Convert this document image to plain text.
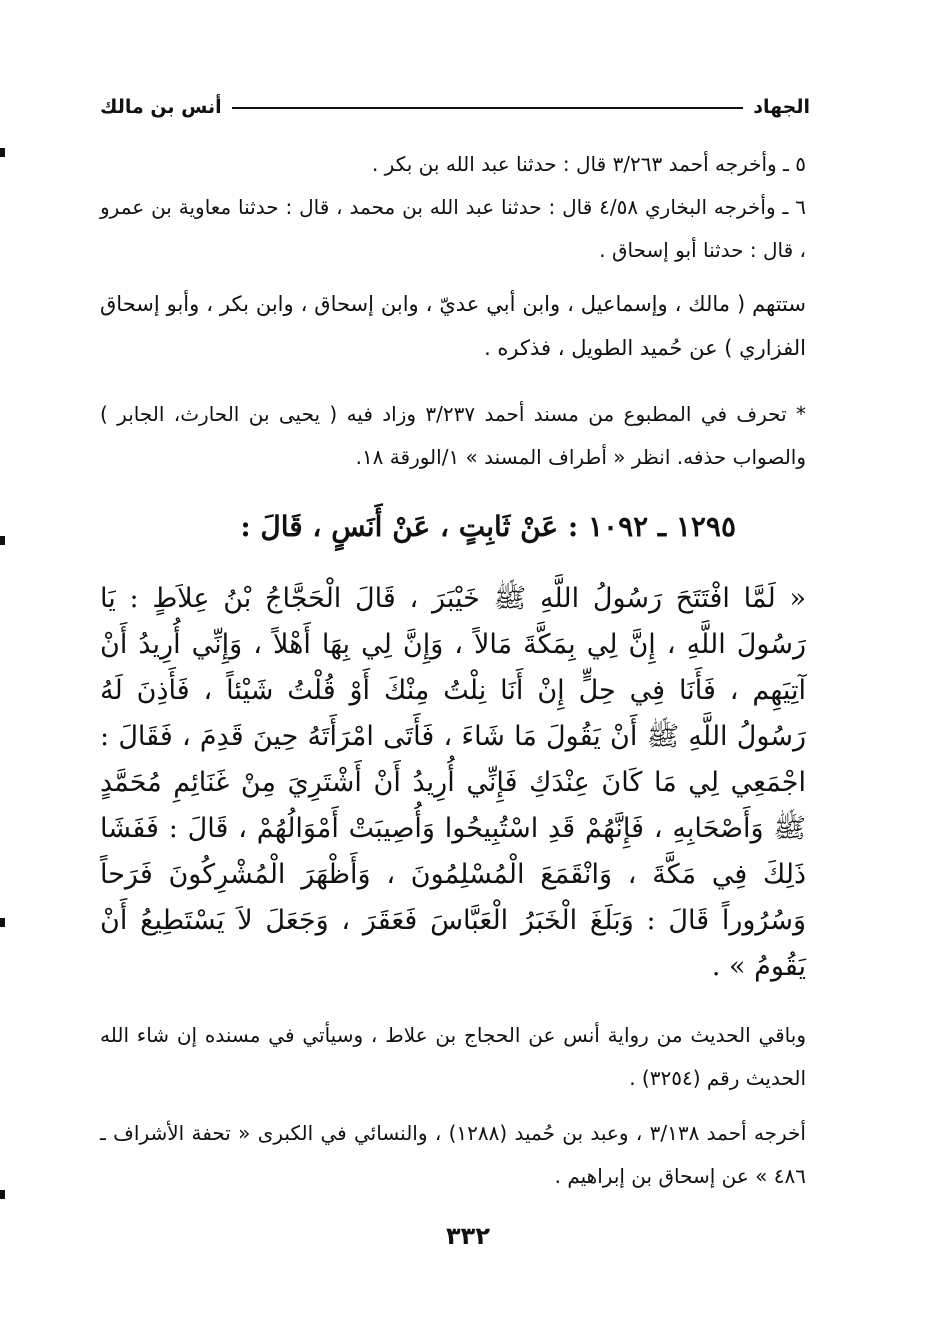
الجهاد
أنس بن مالك
٥ ـ وأخرجه أحمد ٣/٢٦٣ قال : حدثنا عبد الله بن بكر .
٦ ـ وأخرجه البخاري ٤/٥٨ قال : حدثنا عبد الله بن محمد ، قال : حدثنا معاوية بن عمرو ، قال : حدثنا أبو إسحاق .
ستتهم ( مالك ، وإسماعيل ، وابن أبي عديّ ، وابن إسحاق ، وابن بكر ، وأبو إسحاق الفزاري ) عن حُميد الطويل ، فذكره .
* تحرف في المطبوع من مسند أحمد ٣/٢٣٧ وزاد فيه ( يحيى بن الحارث، الجابر ) والصواب حذفه. انظر « أطراف المسند » ١/الورقة ١٨.
١٢٩٥ ـ ١٠٩٢ : عَنْ ثَابِتٍ ، عَنْ أَنَسٍ ، قَالَ :
« لَمَّا افْتَتَحَ رَسُولُ اللَّهِ ﷺ خَيْبَرَ ، قَالَ الْحَجَّاجُ بْنُ عِلاَطٍ : يَا رَسُولَ اللَّهِ ، إِنَّ لِي بِمَكَّةَ مَالاً ، وَإِنَّ لِي بِهَا أَهْلاً ، وَإِنِّي أُرِيدُ أَنْ آتِيَهِم ، فَأَنَا فِي حِلٍّ إِنْ أَنَا نِلْتُ مِنْكَ أَوْ قُلْتُ شَيْئاً ، فَأَذِنَ لَهُ رَسُولُ اللَّهِ ﷺ أَنْ يَقُولَ مَا شَاءَ ، فَأَتَى امْرَأَتَهُ حِينَ قَدِمَ ، فَقَالَ : اجْمَعِي لِي مَا كَانَ عِنْدَكِ فَإِنِّي أُرِيدُ أَنْ أَشْتَرِيَ مِنْ غَنَائِمِ مُحَمَّدٍ ﷺ وَأَصْحَابِهِ ، فَإِنَّهُمْ قَدِ اسْتُبِيحُوا وَأُصِيبَتْ أَمْوَالُهُمْ ، قَالَ : فَفَشَا ذَلِكَ فِي مَكَّةَ ، وَانْقَمَعَ الْمُسْلِمُونَ ، وَأَظْهَرَ الْمُشْرِكُونَ فَرَحاً وَسُرُوراً قَالَ : وَبَلَغَ الْخَبَرُ الْعَبَّاسَ فَعَقَرَ ، وَجَعَلَ لاَ يَسْتَطِيعُ أَنْ يَقُومُ » .
وباقي الحديث من رواية أنس عن الحجاج بن علاط ، وسيأتي في مسنده إن شاء الله الحديث رقم (٣٢٥٤) .
أخرجه أحمد ٣/١٣٨ ، وعبد بن حُميد (١٢٨٨) ، والنسائي في الكبرى « تحفة الأشراف ـ ٤٨٦ » عن إسحاق بن إبراهيم .
٣٣٢
